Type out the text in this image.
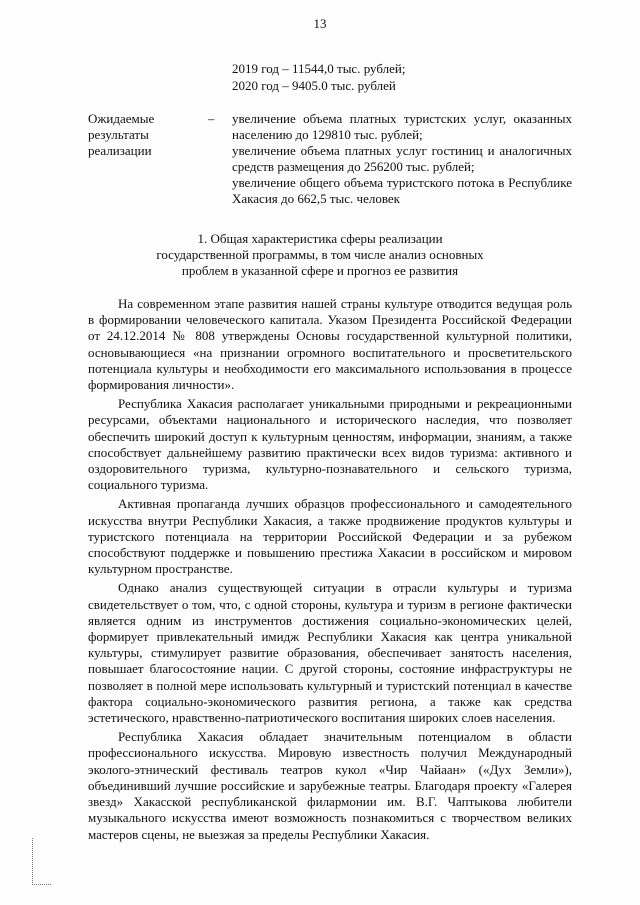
13
2019 год – 11544,0 тыс. рублей;
2020 год – 9405.0 тыс. рублей
Ожидаемые результаты реализации
– увеличение объема платных туристских услуг, оказанных населению до 129810 тыс. рублей;

увеличение объема платных услуг гостиниц и аналогичных средств размещения до 256200 тыс. рублей;

увеличение общего объема туристского потока в Республике Хакасия до 662,5 тыс. человек

1. Общая характеристика сферы реализации
государственной программы, в том числе анализ основных
проблем в указанной сфере и прогноз ее развития

На современном этапе развития нашей страны культуре отводится ведущая роль в формировании человеческого капитала. Указом Президента Российской Федерации от 24.12.2014 № 808 утверждены Основы государственной культурной политики, основывающиеся «на признании огромного воспитательного и просветительского потенциала культуры и необходимости его максимального использования в процессе формирования личности».

Республика Хакасия располагает уникальными природными и рекреационными ресурсами, объектами национального и исторического наследия, что позволяет обеспечить широкий доступ к культурным ценностям, информации, знаниям, а также способствует дальнейшему развитию практически всех видов туризма: активного и оздоровительного туризма, культурно-познавательного и сельского туризма, социального туризма.

Активная пропаганда лучших образцов профессионального и самодеятельного искусства внутри Республики Хакасия, а также продвижение продуктов культуры и туристского потенциала на территории Российской Федерации и за рубежом способствуют поддержке и повышению престижа Хакасии в российском и мировом культурном пространстве.

Однако анализ существующей ситуации в отрасли культуры и туризма свидетельствует о том, что, с одной стороны, культура и туризм в регионе фактически является одним из инструментов достижения социально-экономических целей, формирует привлекательный имидж Республики Хакасия как центра уникальной культуры, стимулирует развитие образования, обеспечивает занятость населения, повышает благосостояние нации. С другой стороны, состояние инфраструктуры не позволяет в полной мере использовать культурный и туристский потенциал в качестве фактора социально-экономического развития региона, а также как средства эстетического, нравственно-патриотического воспитания широких слоев населения.

Республика Хакасия обладает значительным потенциалом в области профессионального искусства. Мировую известность получил Международный эколого-этнический фестиваль театров кукол «Чир Чайаан» («Дух Земли»), объединивший лучшие российские и зарубежные театры. Благодаря проекту «Галерея звезд» Хакасской республиканской филармонии им. В.Г. Чаптыкова любители музыкального искусства имеют возможность познакомиться с творчеством великих мастеров сцены, не выезжая за пределы Республики Хакасия.
